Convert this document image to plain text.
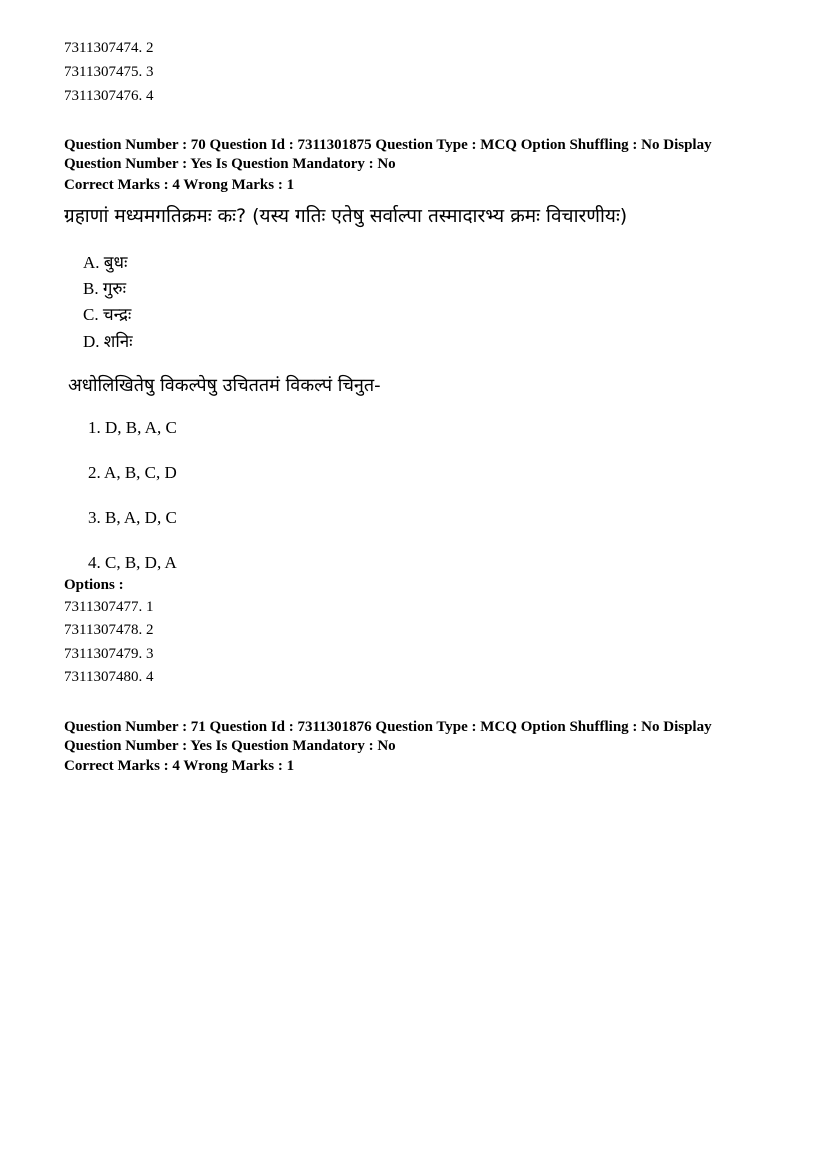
7311307474. 2
7311307475. 3
7311307476. 4
Question Number : 70 Question Id : 7311301875 Question Type : MCQ Option Shuffling : No Display
Question Number : Yes Is Question Mandatory : No
Correct Marks : 4 Wrong Marks : 1
ग्रहाणां मध्यमगतिक्रमः कः? (यस्य गतिः एतेषु सर्वाल्पा तस्मादारभ्य क्रमः विचारणीयः)
A. बुधः
B. गुरुः
C. चन्द्रः
D. शनिः
अधोलिखितेषु विकल्पेषु उचिततमं विकल्पं चिनुत-
1. D, B, A, C
2. A, B, C, D
3. B, A, D, C
4. C, B, D, A
Options :
7311307477. 1
7311307478. 2
7311307479. 3
7311307480. 4
Question Number : 71 Question Id : 7311301876 Question Type : MCQ Option Shuffling : No Display
Question Number : Yes Is Question Mandatory : No
Correct Marks : 4 Wrong Marks : 1
